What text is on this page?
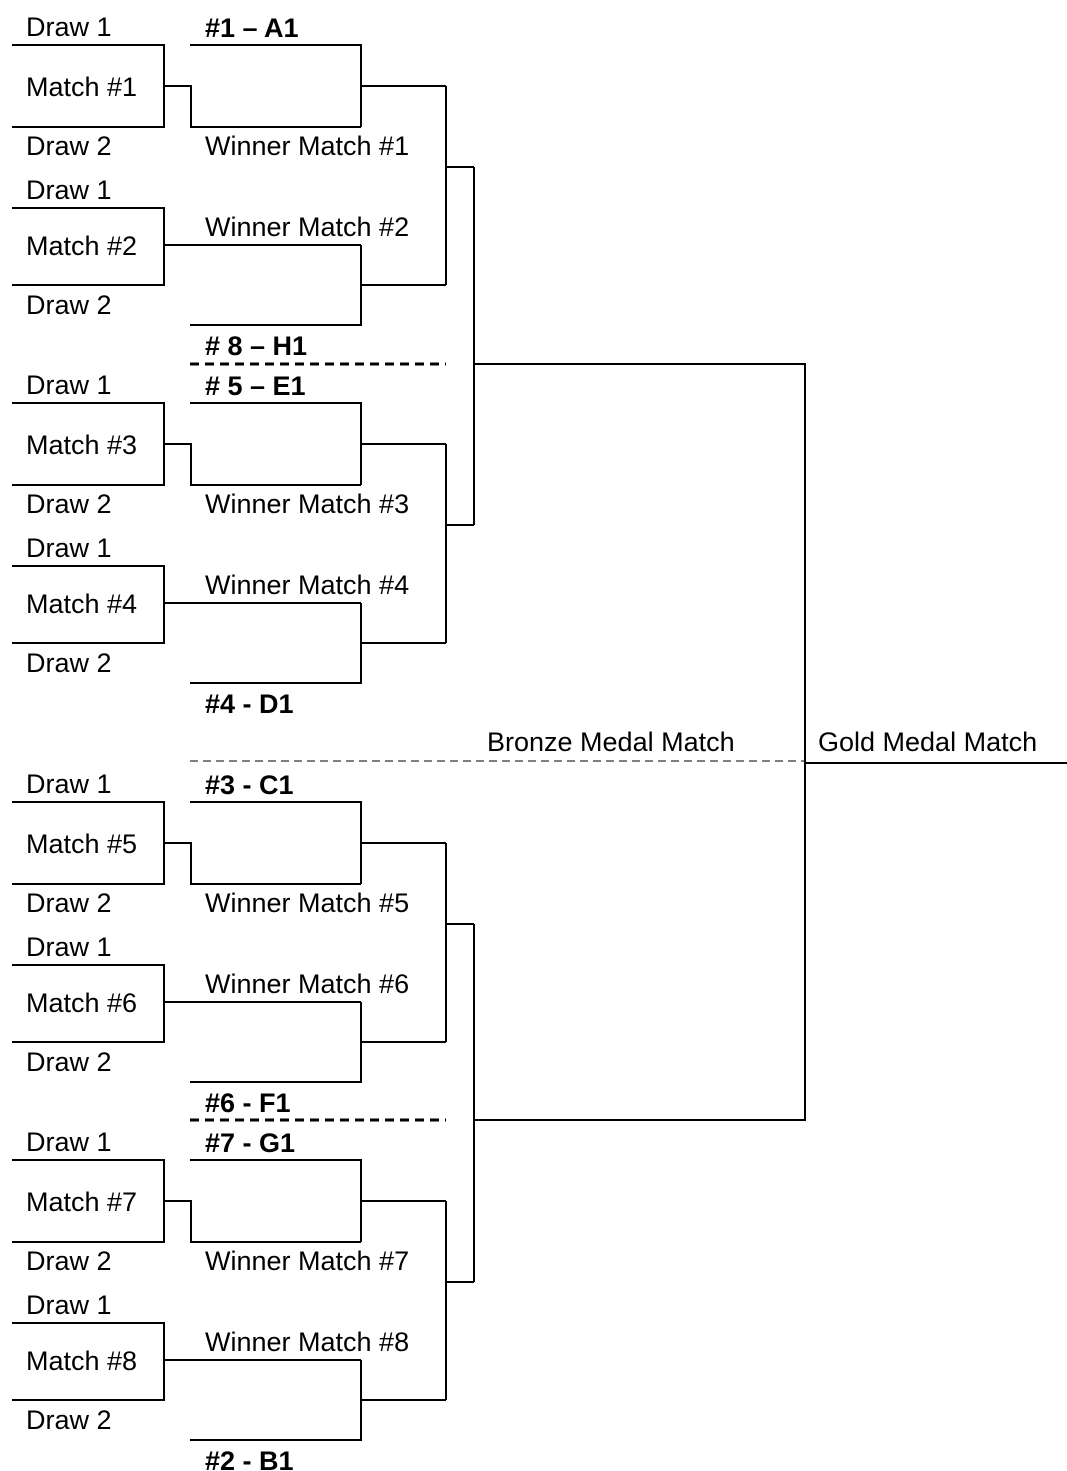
Draw 1
Match #1
Draw 2
Draw 1
Match #2
Draw 2
#1 – A1
Winner Match #1
Winner Match #2
# 8 – H1
Draw 1
Match #3
Draw 2
Draw 1
Match #4
Draw 2
# 5 – E1
Winner Match #3
Winner Match #4
#4 - D1
Draw 1
Match #5
Draw 2
Draw 1
Match #6
Draw 2
#3 - C1
Winner Match #5
Winner Match #6
#6 - F1
Draw 1
Match #7
Draw 2
Draw 1
Match #8
Draw 2
#7 - G1
Winner Match #7
Winner Match #8
#2 - B1
Bronze Medal Match	Gold Medal Match
